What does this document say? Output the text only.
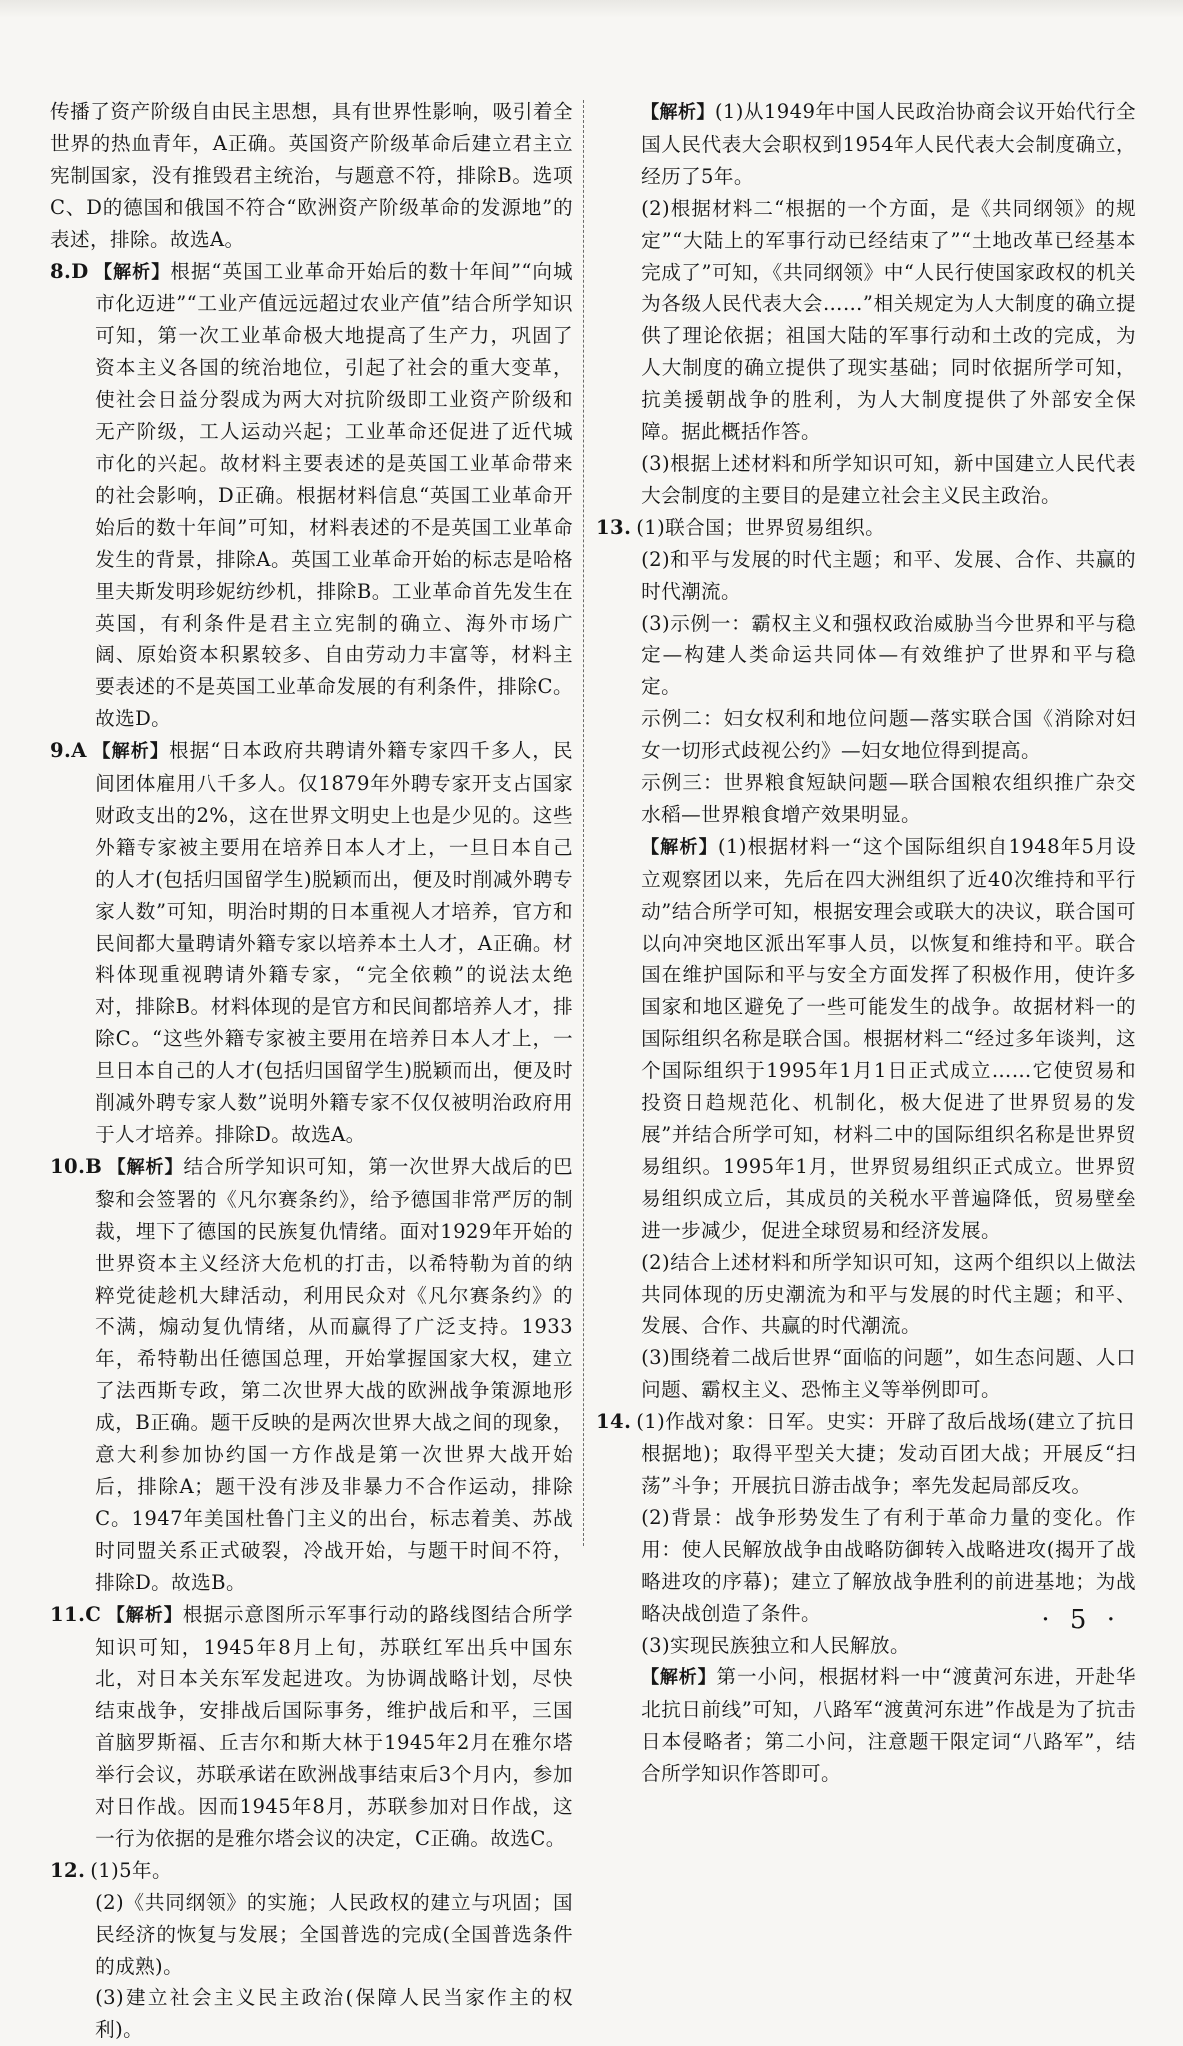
传播了资产阶级自由民主思想，具有世界性影响，吸引着全世界的热血青年，A正确。英国资产阶级革命后建立君主立宪制国家，没有推毁君主统治，与题意不符，排除B。选项C、D的德国和俄国不符合“欧洲资产阶级革命的发源地”的表述，排除。故选A。

8.D 【解析】根据“英国工业革命开始后的数十年间”“向城市化迈进”“工业产值远远超过农业产值”结合所学知识可知，第一次工业革命极大地提高了生产力，巩固了资本主义各国的统治地位，引起了社会的重大变革，使社会日益分裂成为两大对抗阶级即工业资产阶级和无产阶级，工人运动兴起；工业革命还促进了近代城市化的兴起。故材料主要表述的是英国工业革命带来的社会影响，D正确。根据材料信息“英国工业革命开始后的数十年间”可知，材料表述的不是英国工业革命发生的背景，排除A。英国工业革命开始的标志是哈格里夫斯发明珍妮纺纱机，排除B。工业革命首先发生在英国，有利条件是君主立宪制的确立、海外市场广阔、原始资本积累较多、自由劳动力丰富等，材料主要表述的不是英国工业革命发展的有利条件，排除C。故选D。

9.A 【解析】根据“日本政府共聘请外籍专家四千多人，民间团体雇用八千多人。仅1879年外聘专家开支占国家财政支出的2%，这在世界文明史上也是少见的。这些外籍专家被主要用在培养日本人才上，一旦日本自己的人才(包括归国留学生)脱颖而出，便及时削减外聘专家人数”可知，明治时期的日本重视人才培养，官方和民间都大量聘请外籍专家以培养本土人才，A正确。材料体现重视聘请外籍专家，“完全依赖”的说法太绝对，排除B。材料体现的是官方和民间都培养人才，排除C。“这些外籍专家被主要用在培养日本人才上，一旦日本自己的人才(包括归国留学生)脱颖而出，便及时削减外聘专家人数”说明外籍专家不仅仅被明治政府用于人才培养。排除D。故选A。

10.B 【解析】结合所学知识可知，第一次世界大战后的巴黎和会签署的《凡尔赛条约》，给予德国非常严厉的制裁，埋下了德国的民族复仇情绪。面对1929年开始的世界资本主义经济大危机的打击，以希特勒为首的纳粹党徒趁机大肆活动，利用民众对《凡尔赛条约》的不满，煽动复仇情绪，从而赢得了广泛支持。1933年，希特勒出任德国总理，开始掌握国家大权，建立了法西斯专政，第二次世界大战的欧洲战争策源地形成，B正确。题干反映的是两次世界大战之间的现象，意大利参加协约国一方作战是第一次世界大战开始后，排除A；题干没有涉及非暴力不合作运动，排除C。1947年美国杜鲁门主义的出台，标志着美、苏战时同盟关系正式破裂，冷战开始，与题干时间不符，排除D。故选B。

11.C 【解析】根据示意图所示军事行动的路线图结合所学知识可知，1945年8月上旬，苏联红军出兵中国东北，对日本关东军发起进攻。为协调战略计划，尽快结束战争，安排战后国际事务，维护战后和平，三国首脑罗斯福、丘吉尔和斯大林于1945年2月在雅尔塔举行会议，苏联承诺在欧洲战事结束后3个月内，参加对日作战。因而1945年8月，苏联参加对日作战，这一行为依据的是雅尔塔会议的决定，C正确。故选C。

12. (1)5年。

(2)《共同纲领》的实施；人民政权的建立与巩固；国民经济的恢复与发展；全国普选的完成(全国普选条件的成熟)。

(3)建立社会主义民主政治(保障人民当家作主的权利)。

【解析】(1)从1949年中国人民政治协商会议开始代行全国人民代表大会职权到1954年人民代表大会制度确立，经历了5年。

(2)根据材料二“根据的一个方面，是《共同纲领》的规定”“大陆上的军事行动已经结束了”“土地改革已经基本完成了”可知，《共同纲领》中“人民行使国家政权的机关为各级人民代表大会……”相关规定为人大制度的确立提供了理论依据；祖国大陆的军事行动和土改的完成，为人大制度的确立提供了现实基础；同时依据所学可知，抗美援朝战争的胜利，为人大制度提供了外部安全保障。据此概括作答。

(3)根据上述材料和所学知识可知，新中国建立人民代表大会制度的主要目的是建立社会主义民主政治。

13. (1)联合国；世界贸易组织。

(2)和平与发展的时代主题；和平、发展、合作、共赢的时代潮流。

(3)示例一：霸权主义和强权政治威胁当今世界和平与稳定—构建人类命运共同体—有效维护了世界和平与稳定。

示例二：妇女权利和地位问题—落实联合国《消除对妇女一切形式歧视公约》—妇女地位得到提高。

示例三：世界粮食短缺问题—联合国粮农组织推广杂交水稻—世界粮食增产效果明显。

【解析】(1)根据材料一“这个国际组织自1948年5月设立观察团以来，先后在四大洲组织了近40次维持和平行动”结合所学可知，根据安理会或联大的决议，联合国可以向冲突地区派出军事人员，以恢复和维持和平。联合国在维护国际和平与安全方面发挥了积极作用，使许多国家和地区避免了一些可能发生的战争。故据材料一的国际组织名称是联合国。根据材料二“经过多年谈判，这个国际组织于1995年1月1日正式成立……它使贸易和投资日趋规范化、机制化，极大促进了世界贸易的发展”并结合所学可知，材料二中的国际组织名称是世界贸易组织。1995年1月，世界贸易组织正式成立。世界贸易组织成立后，其成员的关税水平普遍降低，贸易壁垒进一步减少，促进全球贸易和经济发展。

(2)结合上述材料和所学知识可知，这两个组织以上做法共同体现的历史潮流为和平与发展的时代主题；和平、发展、合作、共赢的时代潮流。

(3)围绕着二战后世界“面临的问题”，如生态问题、人口问题、霸权主义、恐怖主义等举例即可。

14. (1)作战对象：日军。史实：开辟了敌后战场(建立了抗日根据地)；取得平型关大捷；发动百团大战；开展反“扫荡”斗争；开展抗日游击战争；率先发起局部反攻。

(2)背景：战争形势发生了有利于革命力量的变化。作用：使人民解放战争由战略防御转入战略进攻(揭开了战略进攻的序幕)；建立了解放战争胜利的前进基地；为战略决战创造了条件。

(3)实现民族独立和人民解放。

【解析】第一小问，根据材料一中“渡黄河东进，开赴华北抗日前线”可知，八路军“渡黄河东进”作战是为了抗击日本侵略者；第二小问，注意题干限定词“八路军”，结合所学知识作答即可。

· 5 ·
